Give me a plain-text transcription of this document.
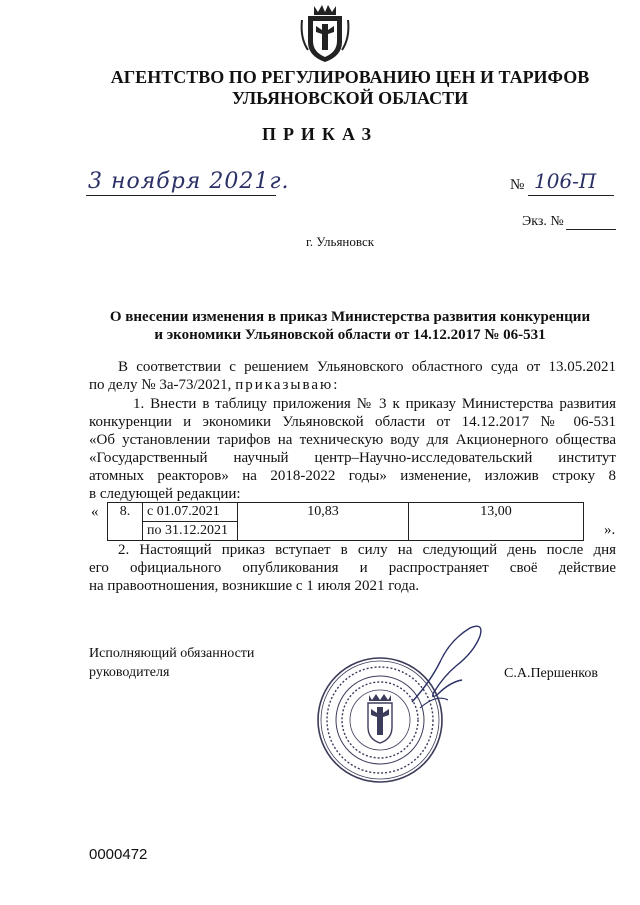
АГЕНТСТВО ПО РЕГУЛИРОВАНИЮ ЦЕН И ТАРИФОВ
УЛЬЯНОВСКОЙ ОБЛАСТИ
ПРИКАЗ
3 ноября 2021г.	№ 106-П
Экз. №
г. Ульяновск
О внесении изменения в приказ Министерства развития конкуренции
и экономики Ульяновской области от 14.12.2017 № 06-531
В соответствии с решением Ульяновского областного суда от 13.05.2021
по делу № 3а-73/2021, приказываю:
1. Внести в таблицу приложения № 3 к приказу Министерства развития
конкуренции и экономики Ульяновской области от 14.12.2017 № 06-531
«Об установлении тарифов на техническую воду для Акционерного общества
«Государственный научный центр–Научно-исследовательский институт
атомных реакторов» на 2018-2022 годы» изменение, изложив строку 8
в следующей редакции:
« 8.	с 01.07.2021
по 31.12.2021
	10,83	13,00
».
2. Настоящий приказ вступает в силу на следующий день после дня
его официального опубликования и распространяет своё действие
на правоотношения, возникшие с 1 июля 2021 года.
Исполняющий обязанности
руководителя	С.А.Першенков
0000472
